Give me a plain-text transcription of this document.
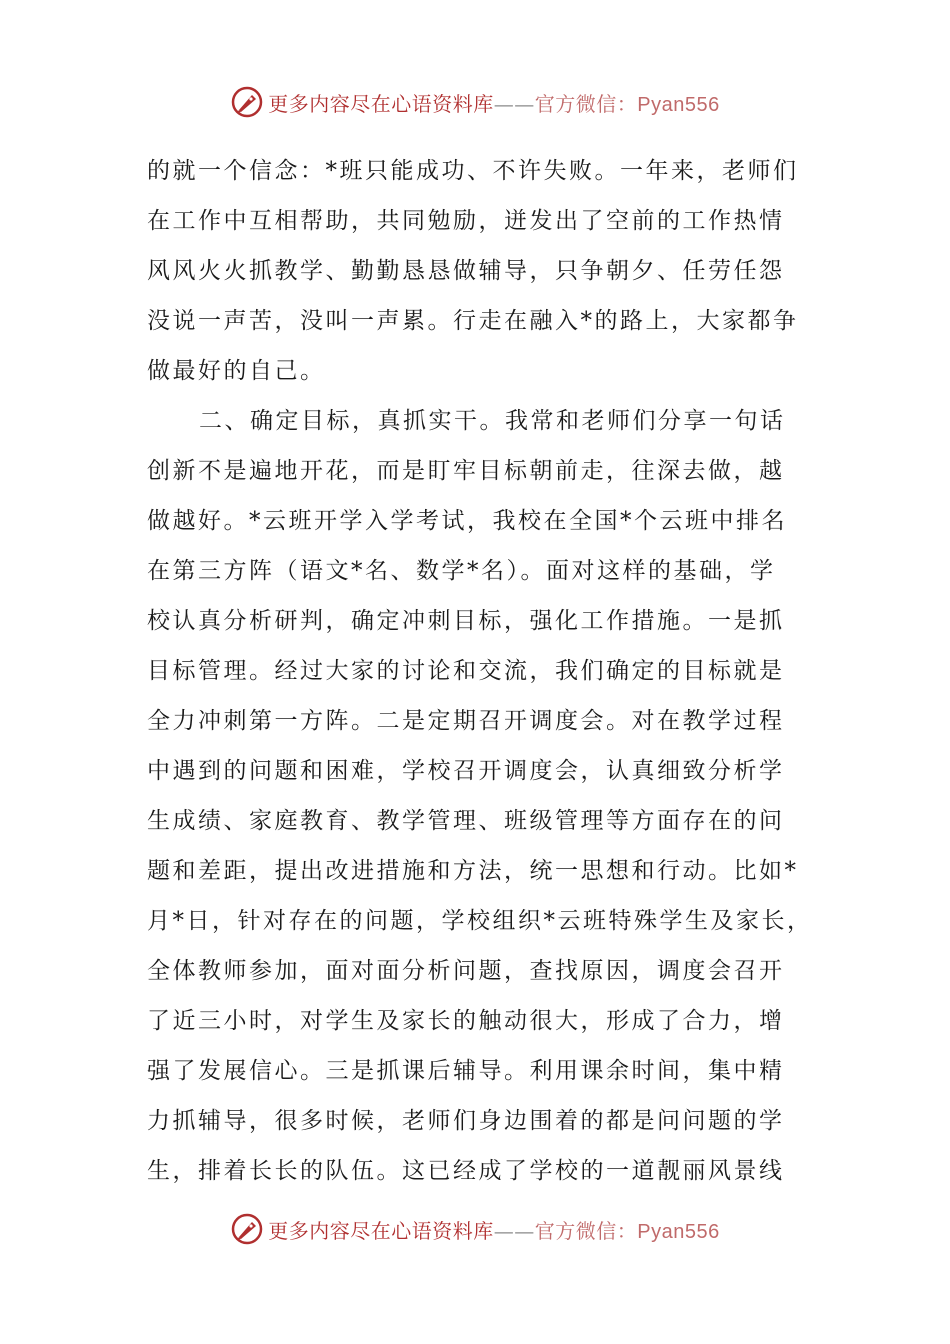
更多内容尽在心语资料库——官方微信：Pyan556
的就一个信念：*班只能成功、不许失败。一年来，老师们
在工作中互相帮助，共同勉励，迸发出了空前的工作热情
风风火火抓教学、勤勤恳恳做辅导，只争朝夕、任劳任怨
没说一声苦，没叫一声累。行走在融入*的路上，大家都争
做最好的自己。
二、确定目标，真抓实干。我常和老师们分享一句话
创新不是遍地开花，而是盯牢目标朝前走，往深去做，越
做越好。*云班开学入学考试，我校在全国*个云班中排名
在第三方阵（语文*名、数学*名）。面对这样的基础，学
校认真分析研判，确定冲刺目标，强化工作措施。一是抓
目标管理。经过大家的讨论和交流，我们确定的目标就是
全力冲刺第一方阵。二是定期召开调度会。对在教学过程
中遇到的问题和困难，学校召开调度会，认真细致分析学
生成绩、家庭教育、教学管理、班级管理等方面存在的问
题和差距，提出改进措施和方法，统一思想和行动。比如*
月*日，针对存在的问题，学校组织*云班特殊学生及家长，
全体教师参加，面对面分析问题，查找原因，调度会召开
了近三小时，对学生及家长的触动很大，形成了合力，增
强了发展信心。三是抓课后辅导。利用课余时间，集中精
力抓辅导，很多时候，老师们身边围着的都是问问题的学
生，排着长长的队伍。这已经成了学校的一道靓丽风景线
更多内容尽在心语资料库——官方微信：Pyan556
